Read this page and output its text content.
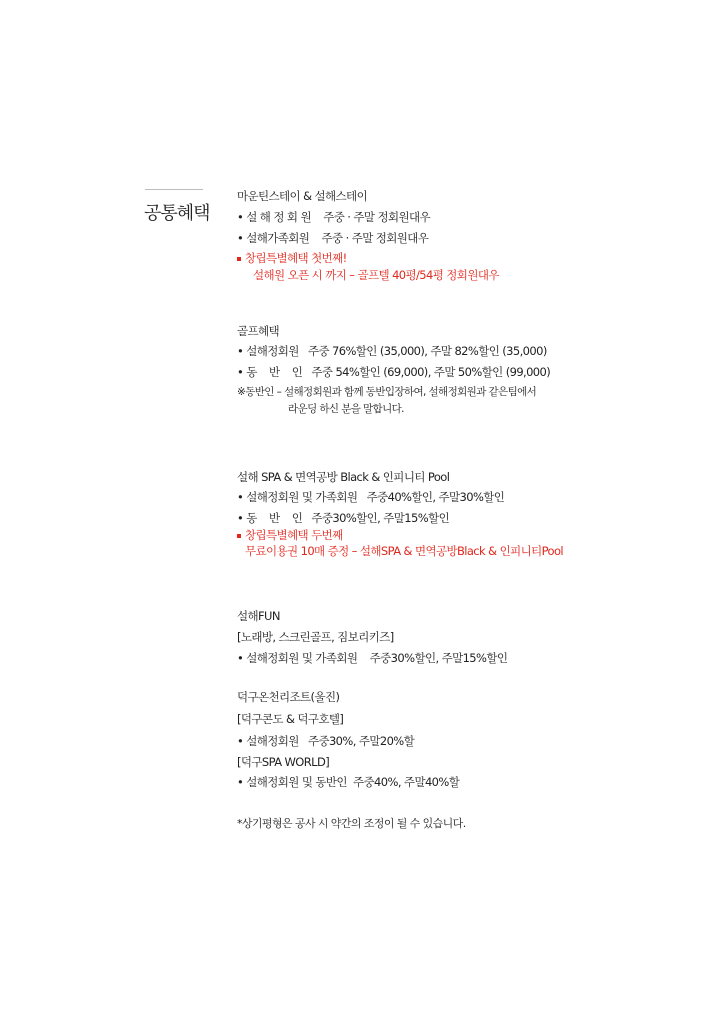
공통혜택
마운틴스테이 & 설해스테이
• 설 해 정 회 원    주중 · 주말 정회원대우
• 설해가족회원    주중 · 주말 정회원대우
창립특별혜택 첫번째!
설해원 오픈 시 까지 – 골프텔 40평/54평 정회원대우
골프혜택
• 설해정회원   주중 76%할인 (35,000), 주말 82%할인 (35,000)
• 동    반    인   주중 54%할인 (69,000), 주말 50%할인 (99,000)
※동반인 – 설해정회원과 함께 동반입장하여, 설해정회원과 같은팀에서
라운딩 하신 분을 말합니다.
설해 SPA & 면역공방 Black & 인피니티 Pool
• 설해정회원 및 가족회원   주중40%할인, 주말30%할인
• 동    반    인   주중30%할인, 주말15%할인
창립특별혜택 두번째
무료이용권 10매 증정 – 설해SPA & 면역공방Black & 인피니티Pool
설해FUN
[노래방, 스크린골프, 짐보리키즈]
• 설해정회원 및 가족회원    주중30%할인, 주말15%할인
덕구온천리조트(울진)
[덕구콘도 & 덕구호텔]
• 설해정회원   주중30%, 주말20%할
[덕구SPA WORLD]
• 설해정회원 및 동반인  주중40%, 주말40%할
*상기평형은 공사 시 약간의 조정이 될 수 있습니다.
